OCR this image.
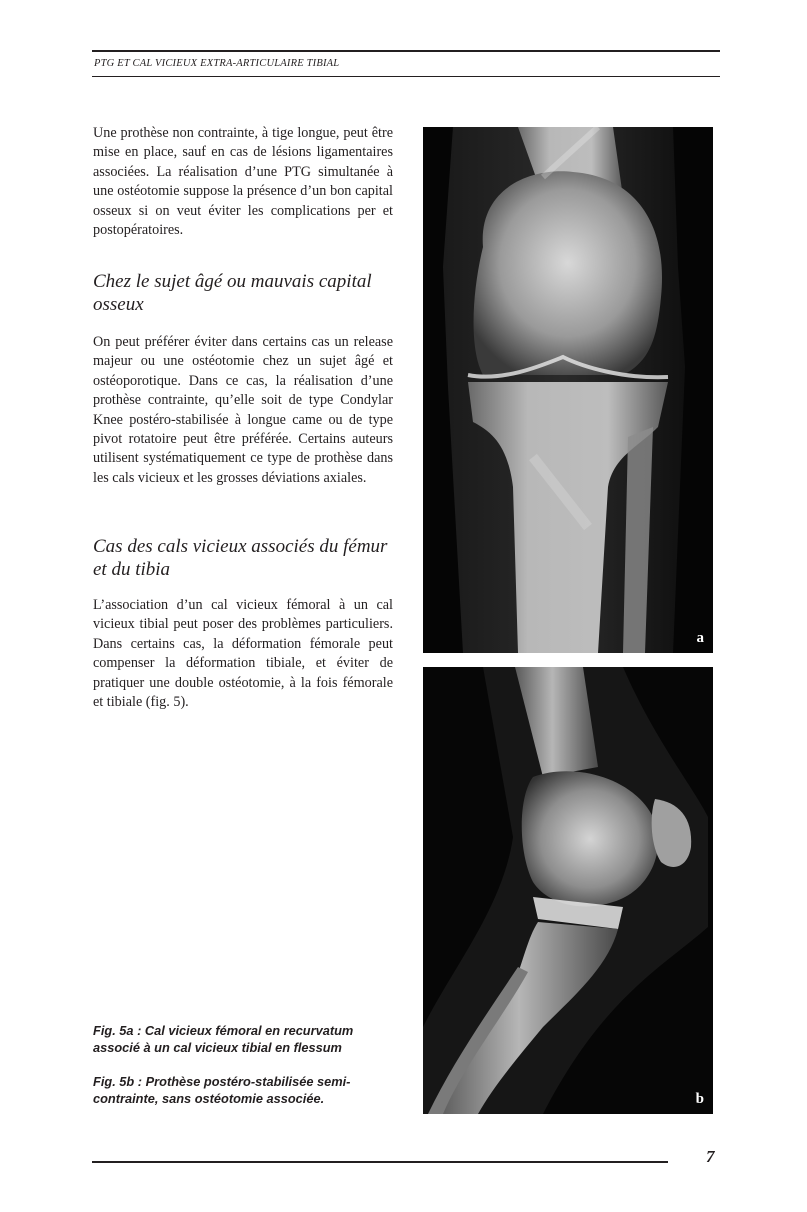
PTG ET CAL VICIEUX EXTRA-ARTICULAIRE TIBIAL

Une prothèse non contrainte, à tige longue, peut être mise en place, sauf en cas de lésions ligamentaires associées. La réalisation d’une PTG simultanée à une ostéotomie suppose la présence d’un bon capital osseux si on veut éviter les complications per et postopératoires.

Chez le sujet âgé ou mauvais capital osseux

On peut préférer éviter dans certains cas un release majeur ou une ostéotomie chez un sujet âgé et ostéoporotique. Dans ce cas, la réalisation d’une prothèse contrainte, qu’elle soit de type Condylar Knee postéro-stabilisée à longue came ou de type pivot rotatoire peut être préférée. Certains auteurs utilisent systématiquement ce type de prothèse dans les cals vicieux et les grosses déviations axiales.

Cas des cals vicieux associés du fémur et du tibia

L’association d’un cal vicieux fémoral à un cal vicieux tibial peut poser des problèmes particuliers. Dans certains cas, la déformation fémorale peut compenser la déformation tibiale, et éviter de pratiquer une double ostéotomie, à la fois fémorale et tibiale (fig. 5).

Fig. 5a : Cal vicieux fémoral en recurvatum associé à un cal vicieux tibial en flessum

Fig. 5b : Prothèse postéro-stabilisée semi-contrainte, sans ostéotomie associée.

a
b
7
